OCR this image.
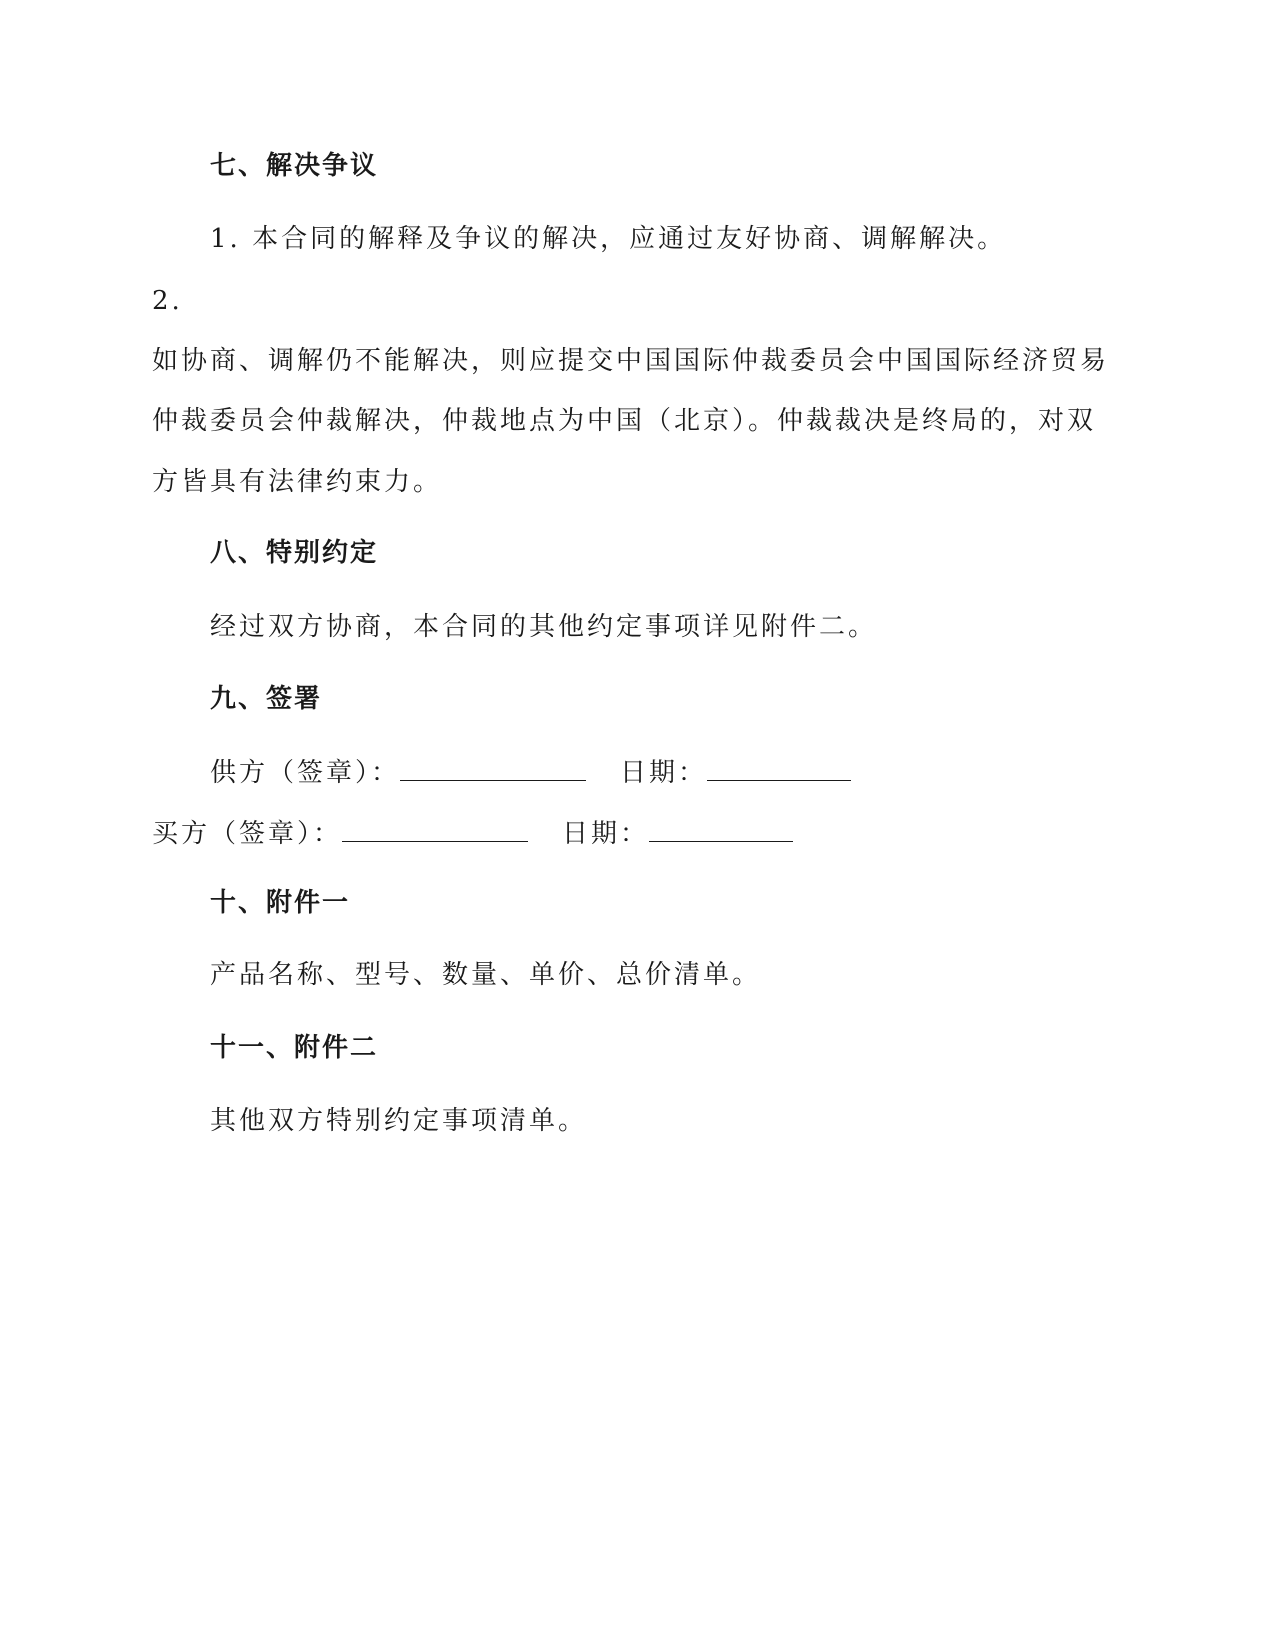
七、解决争议
1. 本合同的解释及争议的解决，应通过友好协商、调解解决。
2.
如协商、调解仍不能解决，则应提交中国国际仲裁委员会中国国际经济贸易
仲裁委员会仲裁解决，仲裁地点为中国（北京）。仲裁裁决是终局的，对双
方皆具有法律约束力。
八、特别约定
经过双方协商，本合同的其他约定事项详见附件二。
九、签署
供方（签章）：	日期：
买方（签章）：	日期：
十、附件一
产品名称、型号、数量、单价、总价清单。
十一、附件二
其他双方特别约定事项清单。
